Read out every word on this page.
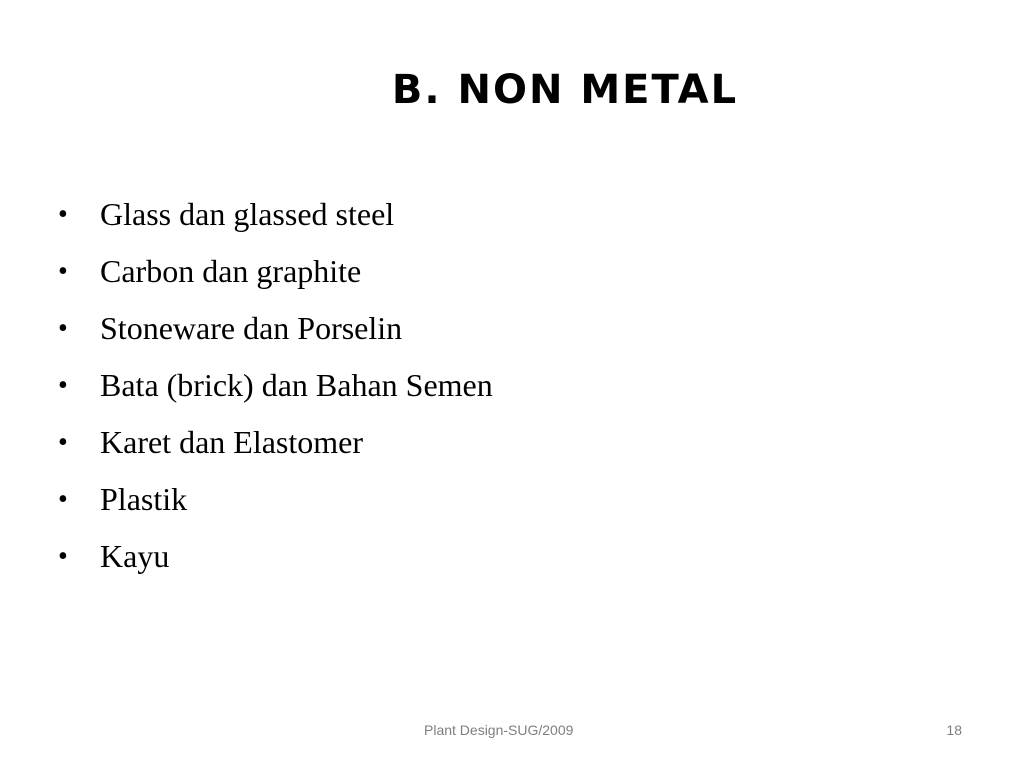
B. NON METAL
•	Glass dan glassed steel
•	Carbon dan graphite
•	Stoneware dan Porselin
•	Bata (brick) dan Bahan Semen
•	Karet dan Elastomer
•	Plastik
•	Kayu
Plant Design-SUG/2009	18
